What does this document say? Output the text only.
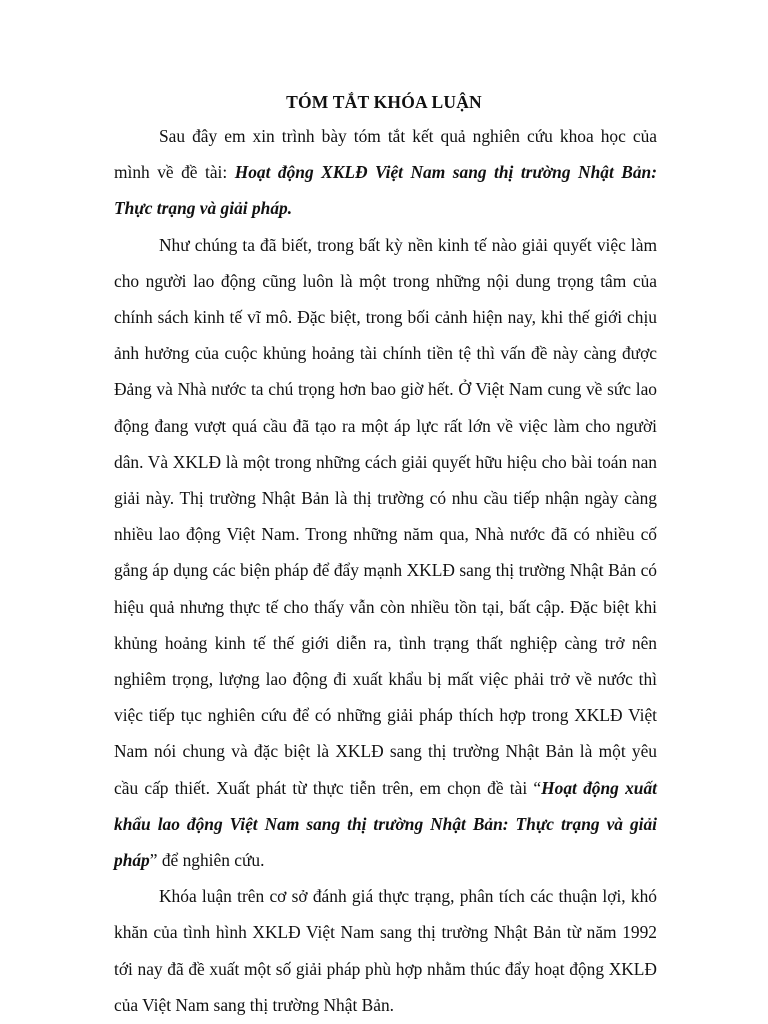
TÓM TẮT KHÓA LUẬN

Sau đây em xin trình bày tóm tắt kết quả nghiên cứu khoa học của mình về đề tài: Hoạt động XKLĐ Việt Nam sang thị trường Nhật Bản: Thực trạng và giải pháp.

Như chúng ta đã biết, trong bất kỳ nền kinh tế nào giải quyết việc làm cho người lao động cũng luôn là một trong những nội dung trọng tâm của chính sách kinh tế vĩ mô. Đặc biệt, trong bối cảnh hiện nay, khi thế giới chịu ảnh hưởng của cuộc khủng hoảng tài chính tiền tệ thì vấn đề này càng được Đảng và Nhà nước ta chú trọng hơn bao giờ hết. Ở Việt Nam cung về sức lao động đang vượt quá cầu đã tạo ra một áp lực rất lớn về việc làm cho người dân. Và XKLĐ là một trong những cách giải quyết hữu hiệu cho bài toán nan giải này. Thị trường Nhật Bản là thị trường có nhu cầu tiếp nhận ngày càng nhiều lao động Việt Nam. Trong những năm qua, Nhà nước đã có nhiều cố gắng áp dụng các biện pháp để đẩy mạnh XKLĐ sang thị trường Nhật Bản có hiệu quả nhưng thực tế cho thấy vẫn còn nhiều tồn tại, bất cập. Đặc biệt khi khủng hoảng kinh tế thế giới diễn ra, tình trạng thất nghiệp càng trở nên nghiêm trọng, lượng lao động đi xuất khẩu bị mất việc phải trở về nước thì việc tiếp tục nghiên cứu để có những giải pháp thích hợp trong XKLĐ Việt Nam nói chung và đặc biệt là XKLĐ sang thị trường Nhật Bản là một yêu cầu cấp thiết. Xuất phát từ thực tiễn trên, em chọn đề tài “Hoạt động xuất khẩu lao động Việt Nam sang thị trường Nhật Bản: Thực trạng và giải pháp” để nghiên cứu.

Khóa luận trên cơ sở đánh giá thực trạng, phân tích các thuận lợi, khó khăn của tình hình XKLĐ Việt Nam sang thị trường Nhật Bản từ năm 1992 tới nay đã đề xuất một số giải pháp phù hợp nhằm thúc đẩy hoạt động XKLĐ của Việt Nam sang thị trường Nhật Bản.
